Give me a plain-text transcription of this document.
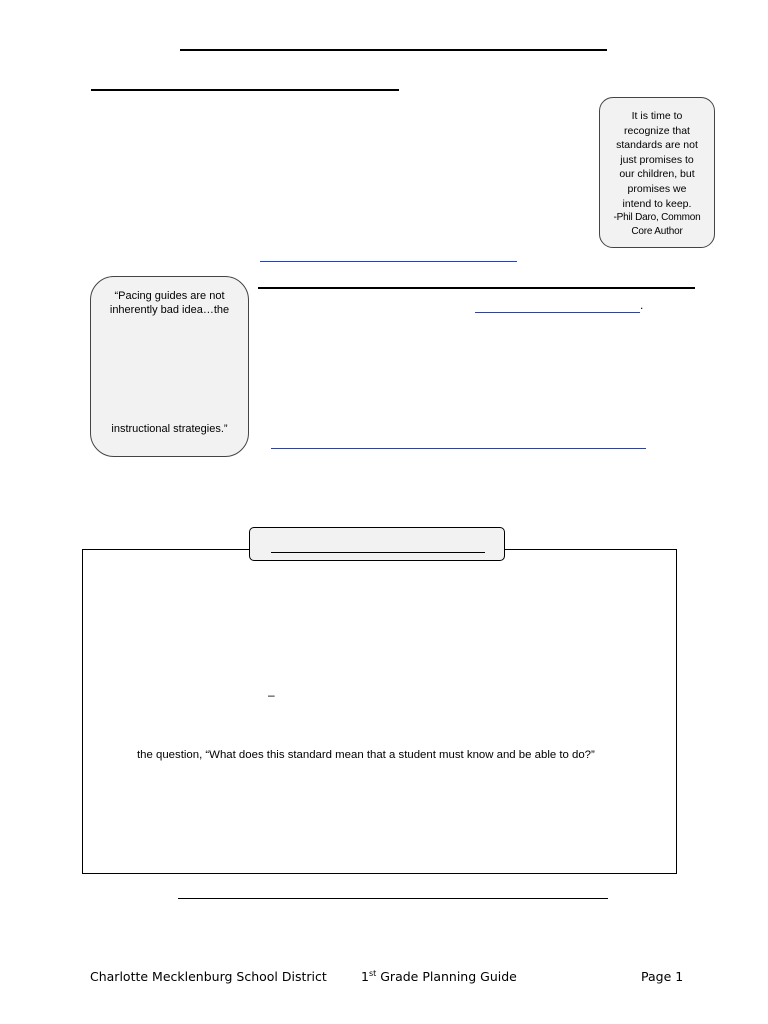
It is time to
recognize that
standards are not
just promises to
our children, but
promises we
intend to keep.
-Phil Daro, Common
Core Author
“Pacing guides are not
inherently bad idea…the
instructional strategies.”
.
–
the question, “What does this standard mean that a student must know and be able to do?”
Charlotte Mecklenburg School District	1st Grade Planning Guide	Page 1
